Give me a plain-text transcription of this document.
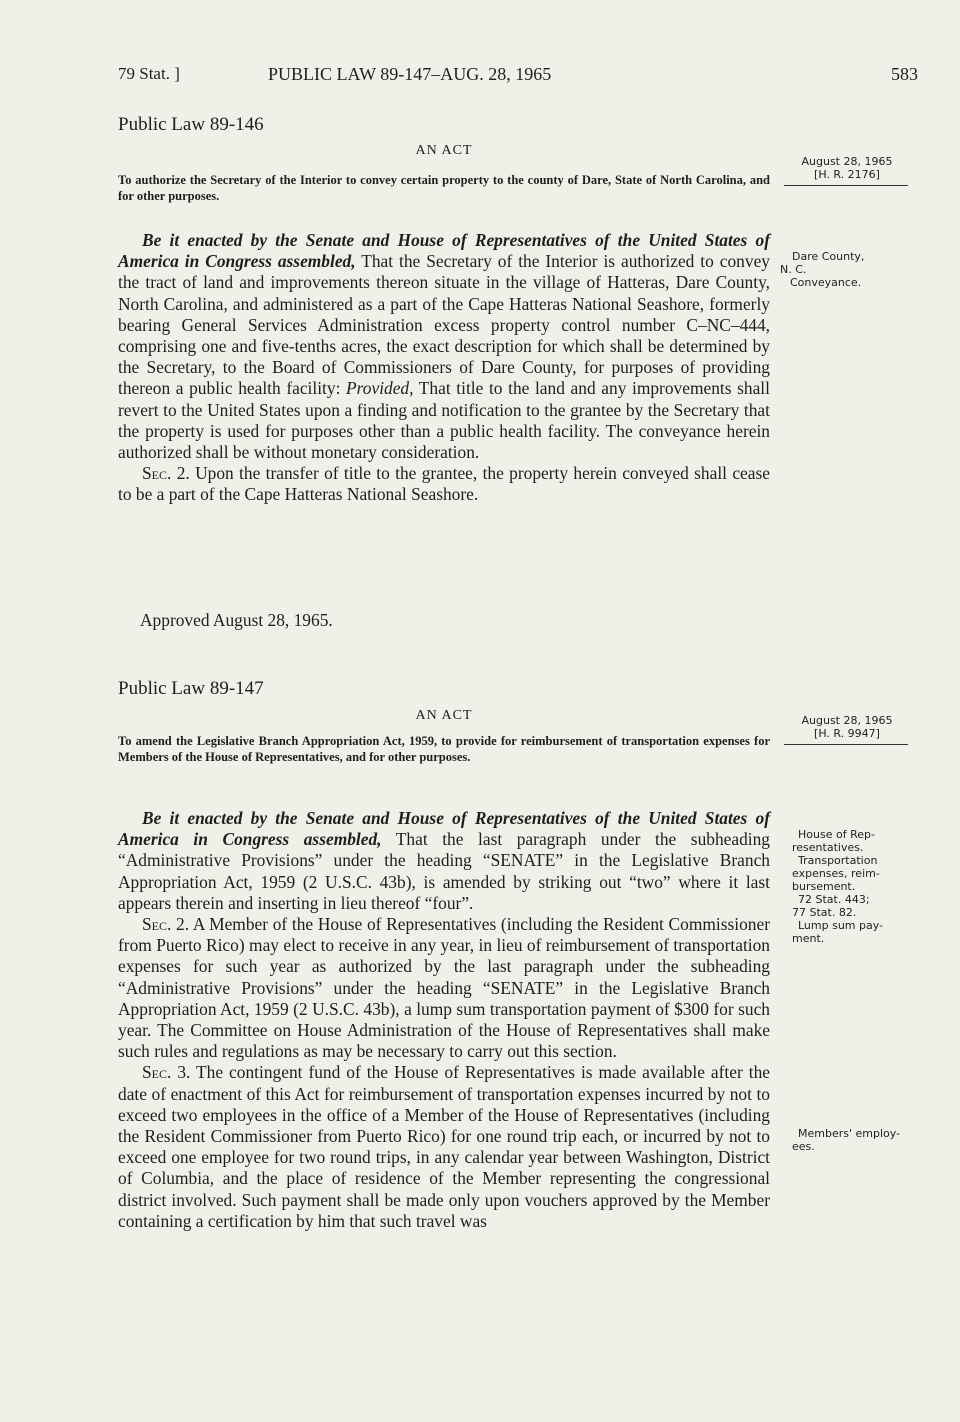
79 Stat. ]	PUBLIC LAW 89-147–AUG. 28, 1965	583
Public Law 89-146
AN ACT
To authorize the Secretary of the Interior to convey certain property to the county of Dare, State of North Carolina, and for other purposes.
August 28, 1965
[H. R. 2176]
Dare County,
N. C.
Conveyance.

Be it enacted by the Senate and House of Representatives of the United States of America in Congress assembled, That the Secretary of the Interior is authorized to convey the tract of land and improvements thereon situate in the village of Hatteras, Dare County, North Carolina, and administered as a part of the Cape Hatteras National Seashore, formerly bearing General Services Administration excess property control number C–NC–444, comprising one and five-tenths acres, the exact description for which shall be determined by the Secretary, to the Board of Commissioners of Dare County, for purposes of providing thereon a public health facility: Provided, That title to the land and any improvements shall revert to the United States upon a finding and notification to the grantee by the Secretary that the property is used for purposes other than a public health facility. The conveyance herein authorized shall be without monetary consideration.

Sec. 2. Upon the transfer of title to the grantee, the property herein conveyed shall cease to be a part of the Cape Hatteras National Seashore.

Approved August 28, 1965.
Public Law 89-147
AN ACT
To amend the Legislative Branch Appropriation Act, 1959, to provide for reimbursement of transportation expenses for Members of the House of Representatives, and for other purposes.
August 28, 1965
[H. R. 9947]
House of Rep-
resentatives.
Transportation
expenses, reim-
bursement.
72 Stat. 443;
77 Stat. 82.
Lump sum pay-
ment.
Members' employ-
ees.

Be it enacted by the Senate and House of Representatives of the United States of America in Congress assembled, That the last paragraph under the subheading “Administrative Provisions” under the heading “SENATE” in the Legislative Branch Appropriation Act, 1959 (2 U.S.C. 43b), is amended by striking out “two” where it last appears therein and inserting in lieu thereof “four”.

Sec. 2. A Member of the House of Representatives (including the Resident Commissioner from Puerto Rico) may elect to receive in any year, in lieu of reimbursement of transportation expenses for such year as authorized by the last paragraph under the subheading “Administrative Provisions” under the heading “SENATE” in the Legislative Branch Appropriation Act, 1959 (2 U.S.C. 43b), a lump sum transportation payment of $300 for such year. The Committee on House Administration of the House of Representatives shall make such rules and regulations as may be necessary to carry out this section.

Sec. 3. The contingent fund of the House of Representatives is made available after the date of enactment of this Act for reimbursement of transportation expenses incurred by not to exceed two employees in the office of a Member of the House of Representatives (including the Resident Commissioner from Puerto Rico) for one round trip each, or incurred by not to exceed one employee for two round trips, in any calendar year between Washington, District of Columbia, and the place of residence of the Member representing the congressional district involved. Such payment shall be made only upon vouchers approved by the Member containing a certification by him that such travel was
